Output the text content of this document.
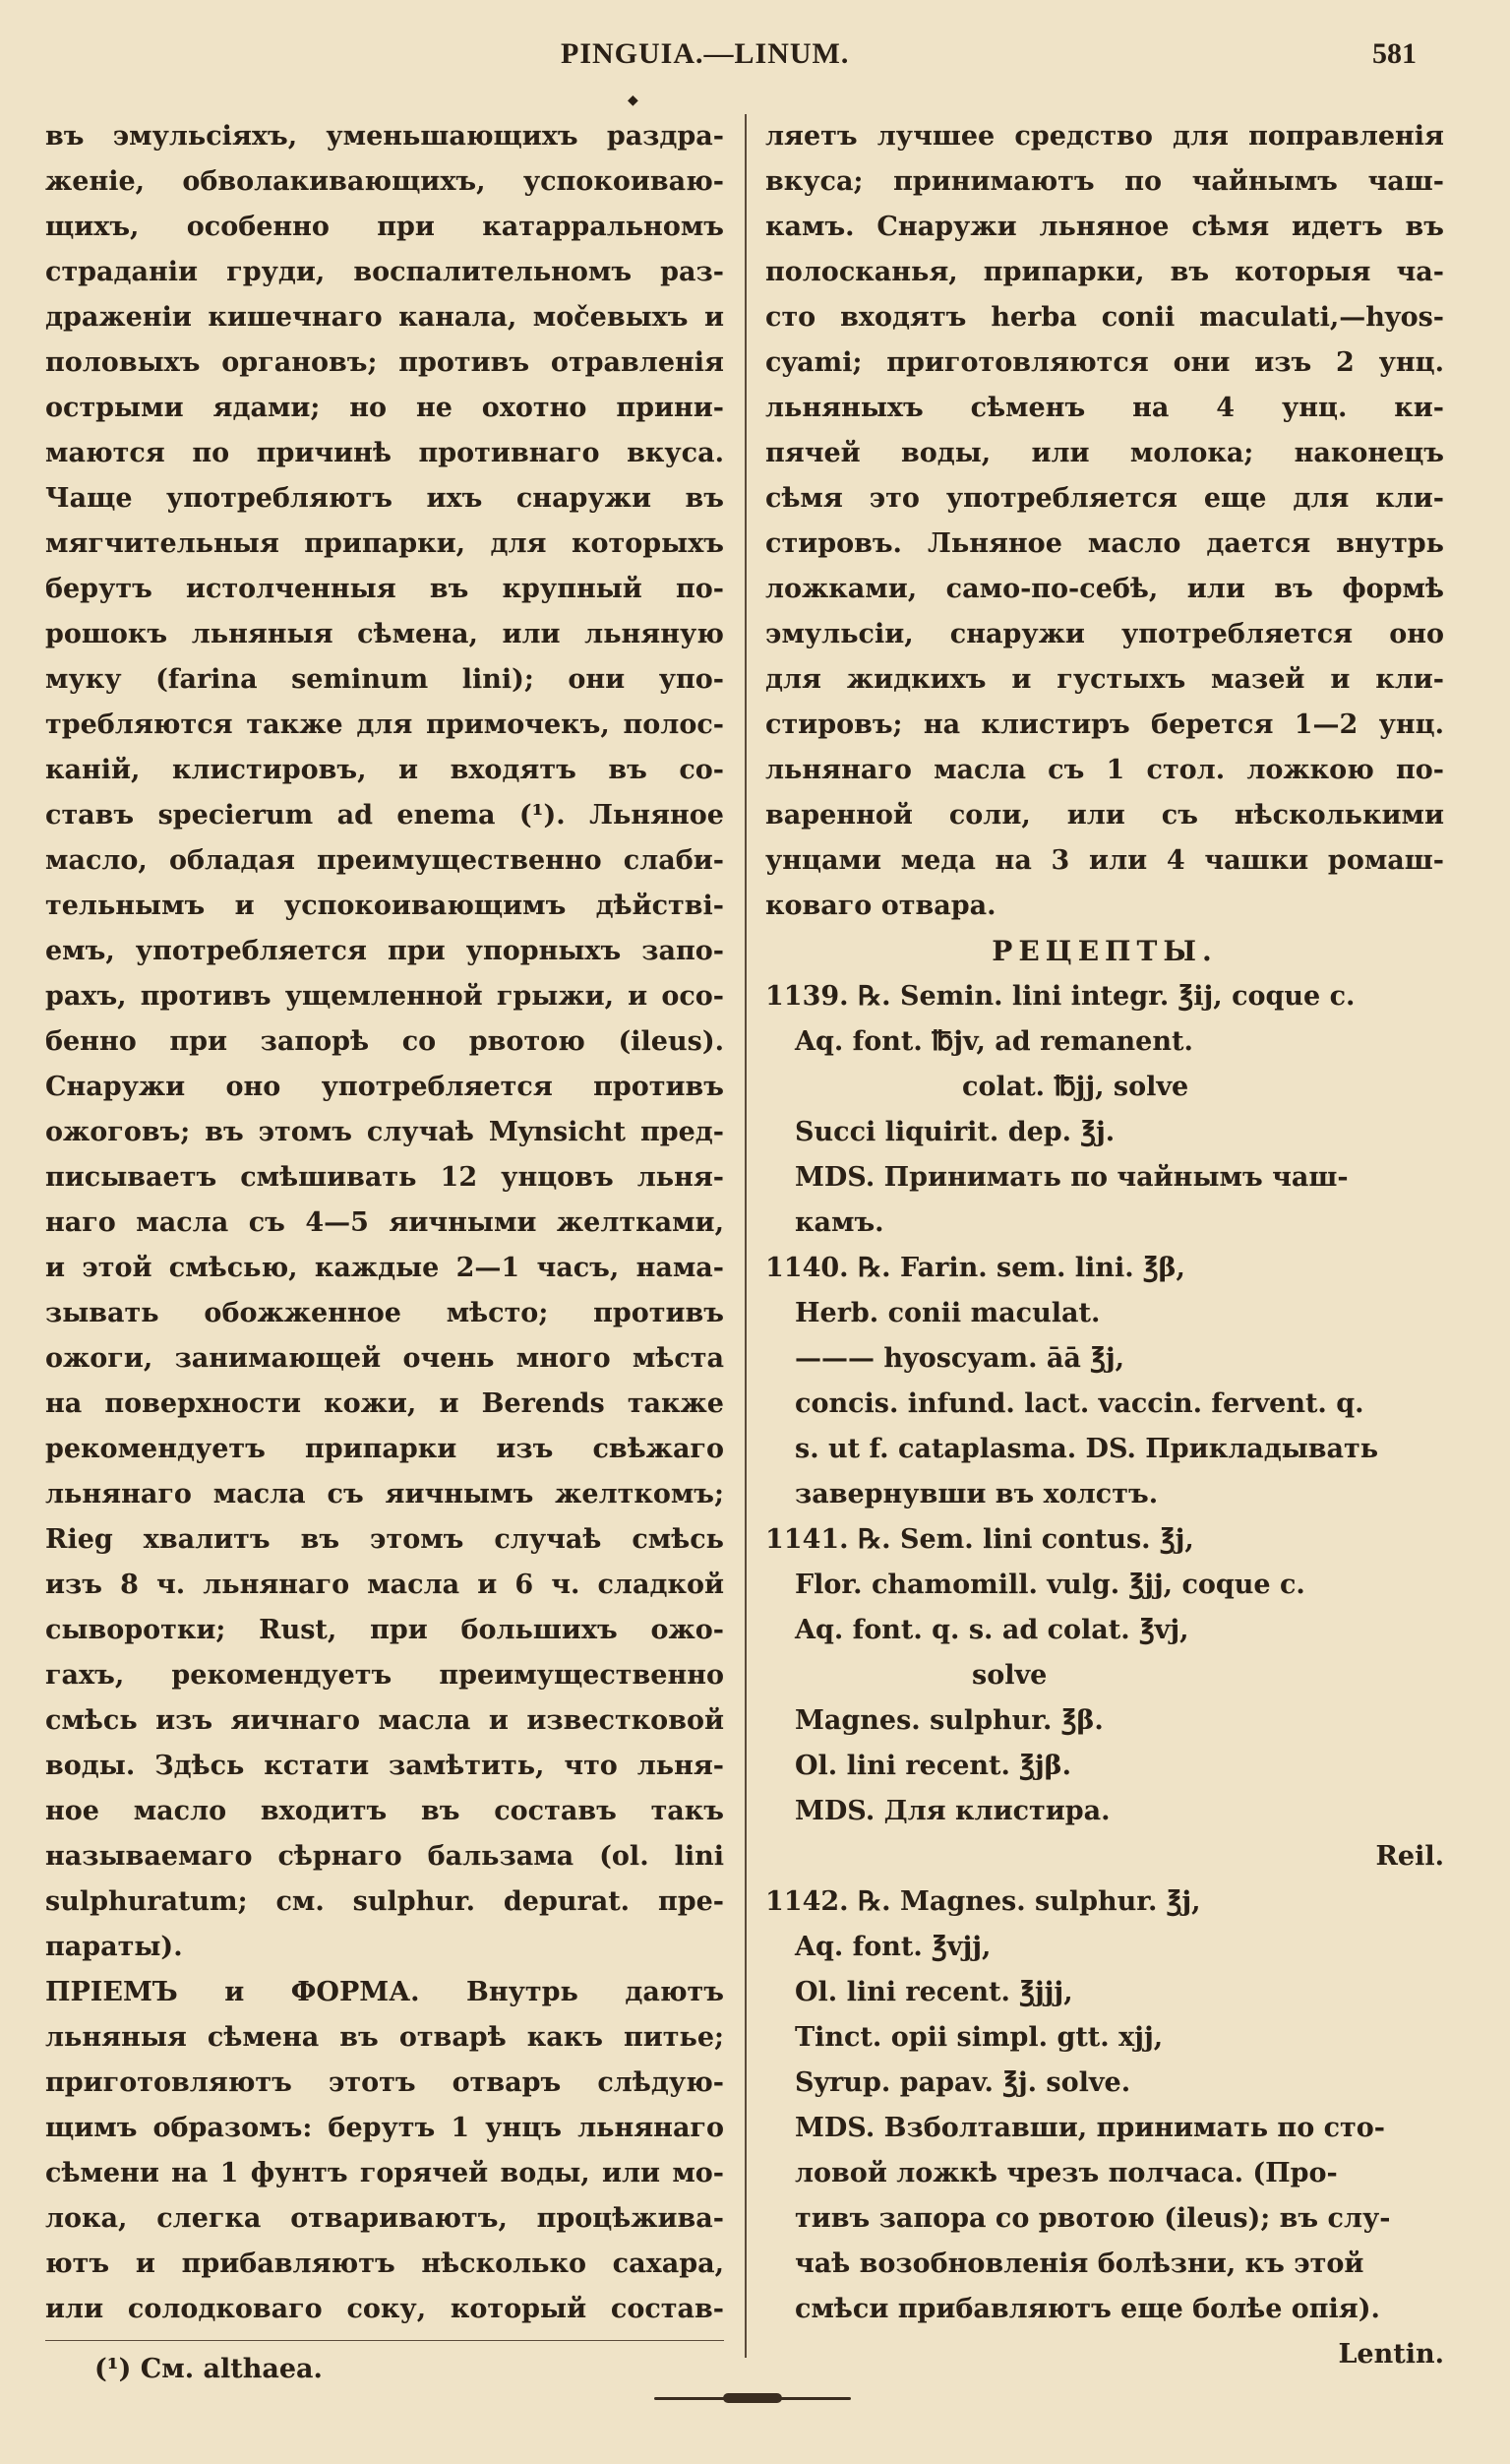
PINGUIA.—LINUM.	581
◆
въ эмульсіяхъ, уменьшающихъ раздра-
женіе, обволакивающихъ, успокоиваю-
щихъ, особенно при катарральномъ
страданіи груди, воспалительномъ раз-
драженіи кишечнаго канала, моčевыхъ и
половыхъ органовъ; противъ отравленія
острыми ядами; но не охотно прини-
маются по причинѣ противнаго вкуса.
Чаще употребляютъ ихъ снаружи въ
мягчительныя припарки, для которыхъ
берутъ истолченныя въ крупный по-
рошокъ льняныя сѣмена, или льняную
муку (farina seminum lini); они упо-
требляются также для примочекъ, полос-
каній, клистировъ, и входятъ въ со-
ставъ specierum ad enema (¹). Льняное
масло, обладая преимущественно слаби-
тельнымъ и успокоивающимъ дѣйствi-
емъ, употребляется при упорныхъ запо-
рахъ, противъ ущемленной грыжи, и осо-
бенно при запорѣ со рвотою (ileus).
Снаружи оно употребляется противъ
ожоговъ; въ этомъ случаѣ Mynsicht пред-
писываетъ смѣшивать 12 унцовъ льня-
наго масла съ 4—5 яичными желтками,
и этой смѣсью, каждые 2—1 часъ, нама-
зывать обожженное мѣсто; противъ
ожоги, занимающей очень много мѣста
на поверхности кожи, и Berends также
рекомендуетъ припарки изъ свѣжаго
льнянаго масла съ яичнымъ желткомъ;
Rieg хвалитъ въ этомъ случаѣ смѣсь
изъ 8 ч. льнянаго масла и 6 ч. сладкой
сыворотки; Rust, при большихъ ожо-
гахъ, рекомендуетъ преимущественно
смѣсь изъ яичнаго масла и известковой
воды. Здѣсь кстати замѣтить, что льня-
ное масло входитъ въ составъ такъ
называемаго сѣрнаго бальзама (ol. lini
sulphuratum; см. sulphur. depurat. пре-
параты).
ПРІЕМЪ и ФОРМА. Внутрь даютъ
льняныя сѣмена въ отварѣ какъ питье;
приготовляютъ этотъ отваръ слѣдую-
щимъ образомъ: берутъ 1 унцъ льнянаго
сѣмени на 1 фунтъ горячей воды, или мо-
лока, слегка отвариваютъ, процѣживa-
ютъ и прибавляютъ нѣсколько сахара,
или солодковаго соку, который состав-
ляетъ лучшее средство для поправленія
вкуса; принимаютъ по чайнымъ чаш-
камъ. Снаружи льняное сѣмя идетъ въ
полосканья, припарки, въ которыя ча-
сто входятъ herba conii maculati,—hyos-
cyami; приготовляются они изъ 2 унц.
льняныхъ сѣменъ на 4 унц. ки-
пячей воды, или молока; наконецъ
сѣмя это употребляется еще для кли-
стировъ. Льняное масло дается внутрь
ложками, само-по-себѣ, или въ формѣ
эмульсіи, снаружи употребляется оно
для жидкихъ и густыхъ мазей и кли-
стировъ; на клистиръ берется 1—2 унц.
льнянаго масла съ 1 стол. ложкою по-
варенной соли, или съ нѣсколькими
унцами меда на 3 или 4 чашки ромаш-
коваго отвара.
РЕЦЕПТЫ.
1139. ℞. Semin. lini integr. ℥ij, coque c.
Aq. font. ℔jv, ad remanent.
colat. ℔jj, solve
Succi liquirit. dep. ℥j.
MDS. Принимать по чайнымъ чаш-
камъ.
1140. ℞. Farin. sem. lini. ℥β,
Herb. conii maculat.
——— hyoscyam. āā ℥j,
concis. infund. lact. vaccin. fervent. q.
s. ut f. cataplasma. DS. Прикладывать
завернувши въ холстъ.
1141. ℞. Sem. lini contus. ℥j,
Flor. chamomill. vulg. ℥jj, coque c.
Aq. font. q. s. ad colat. ℥vj,
solve
Magnes. sulphur. ℥β.
Ol. lini recent. ℥jβ.
MDS. Для клистира.
Reil.
1142. ℞. Magnes. sulphur. ℥j,
Aq. font. ℥vjj,
Ol. lini recent. ℥jjj,
Tinct. opii simpl. gtt. xjj,
Syrup. papav. ℥j. solve.
MDS. Взболтавши, принимать по сто-
ловой ложкѣ чрезъ полчаса. (Про-
тивъ запора со рвотою (ileus); въ слу-
чаѣ возобновленія болѣзни, къ этой
смѣси прибавляютъ еще болѣе опія).
Lentin.
(¹) См. althaea.
